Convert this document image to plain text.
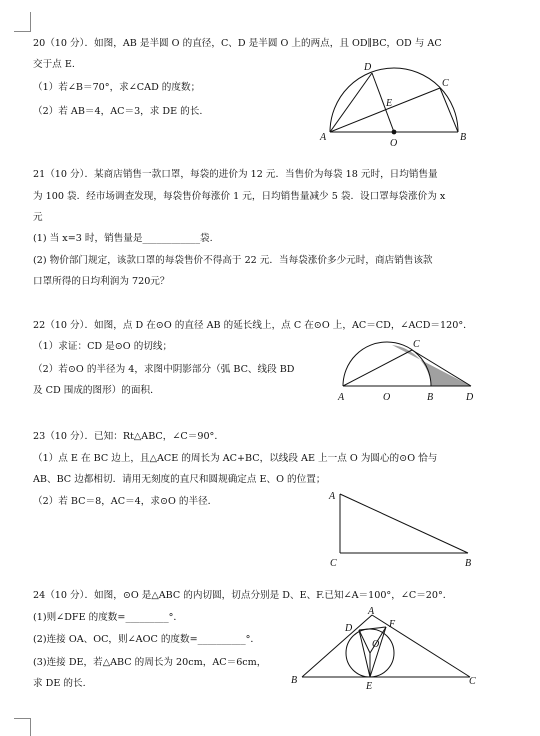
20（10 分）．如图，AB 是半圆 O 的直径，C、D 是半圆 O 上的两点，且 OD∥BC，OD 与 AC
交于点 E.
（1）若∠B＝70°，求∠CAD 的度数；
（2）若 AB＝4，AC＝3，求 DE 的长.
D
C
E
A
O
B
21（10 分）．某商店销售一款口罩，每袋的进价为 12 元．当售价为每袋 18 元时，日均销售量
为 100 袋．经市场调查发现，每袋售价每涨价 1 元，日均销售量减少 5 袋．设口罩每袋涨价为 x
元
(1) 当 x=3 时，销售量是____________袋.
(2) 物价部门规定，该款口罩的每袋售价不得高于 22 元．当每袋涨价多少元时，商店销售该款
口罩所得的日均利润为 720元？
22（10 分）．如图，点 D 在⊙O 的直径 AB 的延长线上，点 C 在⊙O 上，AC＝CD，∠ACD＝120°．
（1）求证：CD 是⊙O 的切线；
（2）若⊙O 的半径为 4，求图中阴影部分（弧 BC、线段 BD
及 CD 围成的图形）的面积．
C
A	O	B	D
23（10 分）．已知：Rt△ABC，∠C＝90°．
（1）点 E 在 BC 边上，且△ACE 的周长为 AC+BC，以线段 AE 上一点 O 为圆心的⊙O 恰与
AB、BC 边都相切．请用无刻度的直尺和圆规确定点 E、O 的位置；
（2）若 BC＝8，AC＝4，求⊙O 的半径．	A
C	B
24（10 分）．如图，⊙O 是△ABC 的内切圆，切点分别是 D、E、F.已知∠A＝100°，∠C＝20°．
(1)则∠DFE 的度数=_________°．
(2)连接 OA、OC，则∠AOC 的度数=__________°．
(3)连接 DE，若△ABC 的周长为 20cm，AC＝6cm，
求 DE 的长.
A
D	F
O
B
E	C
